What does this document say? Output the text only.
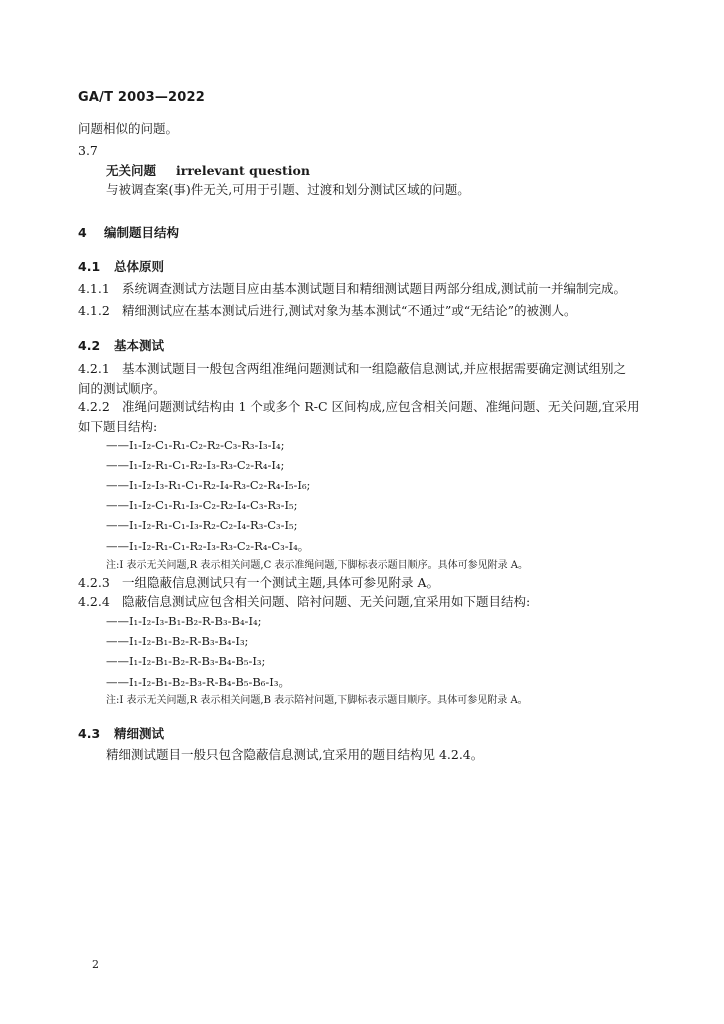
GA/T 2003—2022
问题相似的问题。
3.7
无关问题 irrelevant question
与被调查案(事)件无关,可用于引题、过渡和划分测试区域的问题。
4 编制题目结构
4.1 总体原则
4.1.1 系统调查测试方法题目应由基本测试题目和精细测试题目两部分组成,测试前一并编制完成。
4.1.2 精细测试应在基本测试后进行,测试对象为基本测试“不通过”或“无结论”的被测人。
4.2 基本测试
4.2.1 基本测试题目一般包含两组准绳问题测试和一组隐蔽信息测试,并应根据需要确定测试组别之
间的测试顺序。
4.2.2 准绳问题测试结构由 1 个或多个 R-C 区间构成,应包含相关问题、准绳问题、无关问题,宜采用
如下题目结构:
——I₁-I₂-C₁-R₁-C₂-R₂-C₃-R₃-I₃-I₄;
——I₁-I₂-R₁-C₁-R₂-I₃-R₃-C₂-R₄-I₄;
——I₁-I₂-I₃-R₁-C₁-R₂-I₄-R₃-C₂-R₄-I₅-I₆;
——I₁-I₂-C₁-R₁-I₃-C₂-R₂-I₄-C₃-R₃-I₅;
——I₁-I₂-R₁-C₁-I₃-R₂-C₂-I₄-R₃-C₃-I₅;
——I₁-I₂-R₁-C₁-R₂-I₃-R₃-C₂-R₄-C₃-I₄。
注:I 表示无关问题,R 表示相关问题,C 表示准绳问题,下脚标表示题目顺序。具体可参见附录 A。
4.2.3 一组隐蔽信息测试只有一个测试主题,具体可参见附录 A。
4.2.4 隐蔽信息测试应包含相关问题、陪衬问题、无关问题,宜采用如下题目结构:
——I₁-I₂-I₃-B₁-B₂-R-B₃-B₄-I₄;
——I₁-I₂-B₁-B₂-R-B₃-B₄-I₃;
——I₁-I₂-B₁-B₂-R-B₃-B₄-B₅-I₃;
——I₁-I₂-B₁-B₂-B₃-R-B₄-B₅-B₆-I₃。
注:I 表示无关问题,R 表示相关问题,B 表示陪衬问题,下脚标表示题目顺序。具体可参见附录 A。
4.3 精细测试
精细测试题目一般只包含隐蔽信息测试,宜采用的题目结构见 4.2.4。
2
